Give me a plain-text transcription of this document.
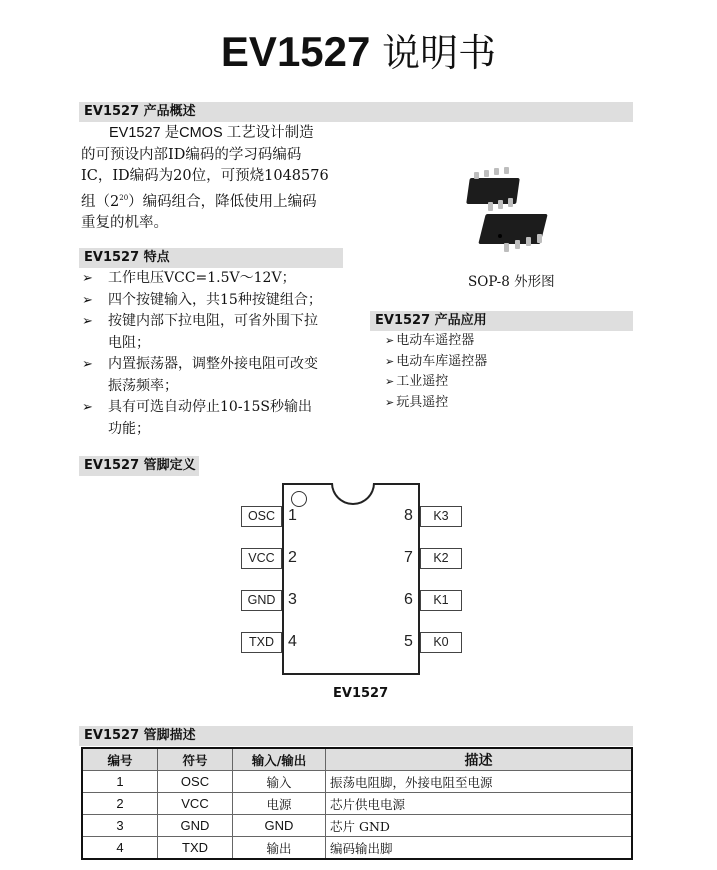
EV1527 说明书
EV1527 产品概述
EV1527 是CMOS 工艺设计制造
的可预设内部ID编码的学习码编码
IC，ID编码为20位，可预烧1048576
组$(2^{20})$编码组合，降低使用上编码
重复的机率。
SOP-8 外形图
EV1527 特点
➢ 工作电压VCC=1.5V～12V；
➢ 四个按键输入，共15种按键组合；
➢ 按键内部下拉电阻，可省外围下拉
电阻；
➢ 内置振荡器，调整外接电阻可改变
振荡频率；
➢ 具有可选自动停止10-15S秒输出
功能；
EV1527 产品应用
➢ 电动车遥控器
➢ 电动车库遥控器
➢ 工业遥控
➢ 玩具遥控
EV1527 管脚定义
OSC 1
VCC 2
GND 3
TXD 4
K3
8
K2
7
K1
6
K0
5
EV1527
EV1527 管脚描述
编号	符号	输入/输出	描述
1	OSC	输入	振荡电阻脚，外接电阻至电源
2	VCC	电源	芯片供电电源
3	GND	GND	芯片 GND
4	TXD	输出	编码输出脚
